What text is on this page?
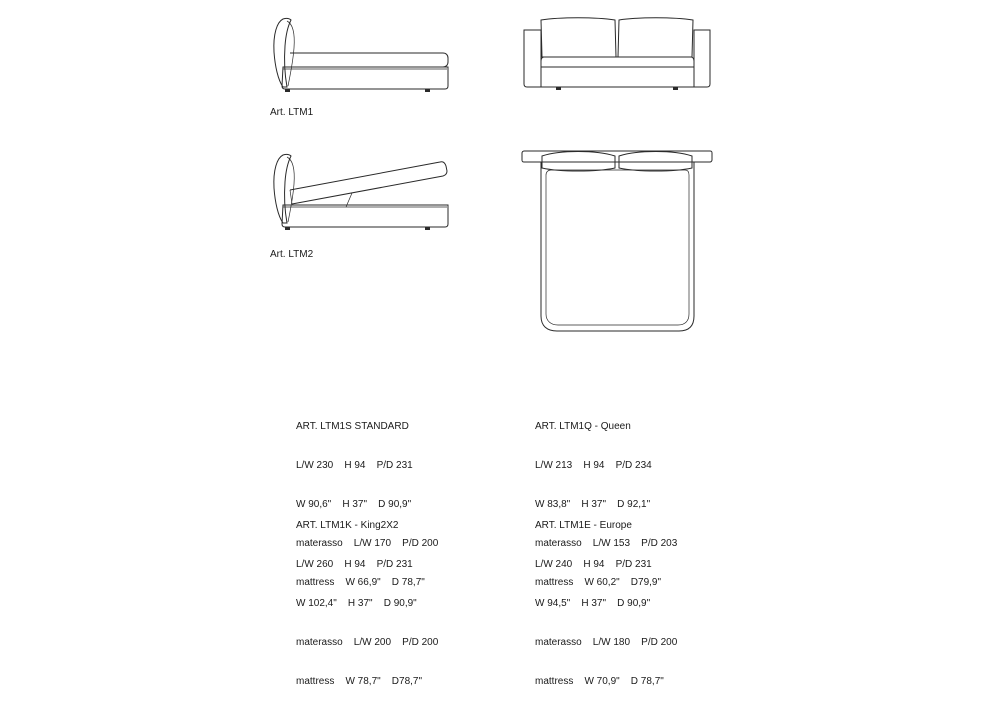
Art. LTM1
Art. LTM2

ART. LTM1S STANDARD

L/W 230    H 94    P/D 231

W 90,6"    H 37"    D 90,9"

materasso    L/W 170    P/D 200

mattress    W 66,9"    D 78,7"

ART. LTM1Q - Queen

L/W 213    H 94    P/D 234

W 83,8"    H 37"    D 92,1"

materasso    L/W 153    P/D 203

mattress    W 60,2"    D79,9"

ART. LTM1K - King2X2

L/W 260    H 94    P/D 231

W 102,4"    H 37"    D 90,9"

materasso    L/W 200    P/D 200

mattress    W 78,7"    D78,7"

ART. LTM1E - Europe

L/W 240    H 94    P/D 231

W 94,5"    H 37"    D 90,9"

materasso    L/W 180    P/D 200

mattress    W 70,9"    D 78,7"
